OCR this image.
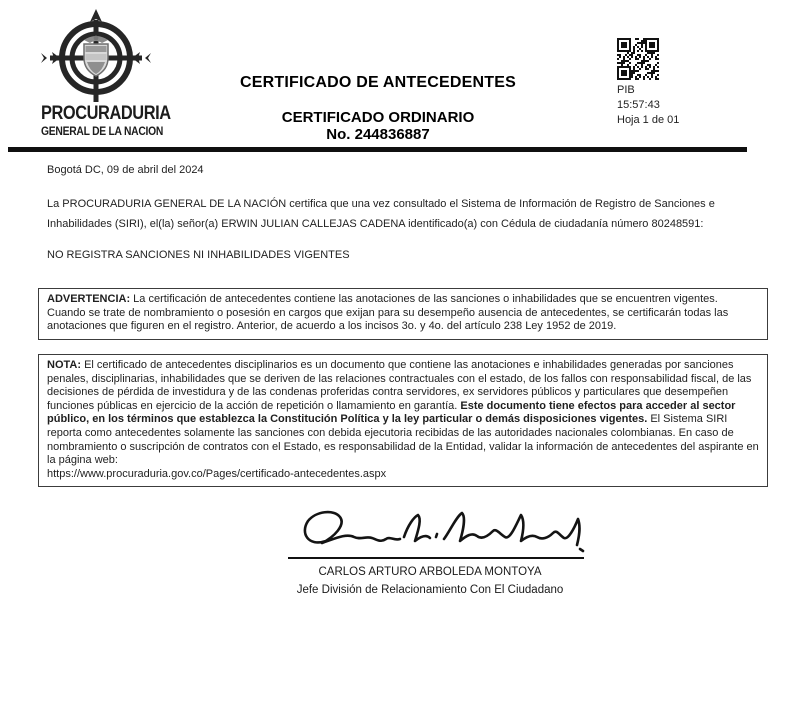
PROCURADURIA
GENERAL DE LA NACION
CERTIFICADO DE ANTECEDENTES
CERTIFICADO ORDINARIO
No. 244836887
PIB
15:57:43
Hoja 1 de 01
Bogotá DC, 09 de abril del 2024
La PROCURADURIA GENERAL DE LA NACIÓN certifica que una vez consultado el Sistema de Información de Registro de Sanciones e Inhabilidades (SIRI), el(la) señor(a) ERWIN JULIAN CALLEJAS CADENA identificado(a) con Cédula de ciudadanía número 80248591:
NO REGISTRA SANCIONES NI INHABILIDADES VIGENTES
ADVERTENCIA: La certificación de antecedentes contiene las anotaciones de las sanciones o inhabilidades que se encuentren vigentes. Cuando se trate de nombramiento o posesión en cargos que exijan para su desempeño ausencia de antecedentes, se certificarán todas las anotaciones que figuren en el registro. Anterior, de acuerdo a los incisos 3o. y 4o. del artículo 238 Ley 1952 de 2019.
NOTA: El certificado de antecedentes disciplinarios es un documento que contiene las anotaciones e inhabilidades generadas por sanciones penales, disciplinarias, inhabilidades que se deriven de las relaciones contractuales con el estado, de los fallos con responsabilidad fiscal, de las decisiones de pérdida de investidura y de las condenas proferidas contra servidores, ex servidores públicos y particulares que desempeñen funciones públicas en ejercicio de la acción de repetición o llamamiento en garantía. Este documento tiene efectos para acceder al sector público, en los términos que establezca la Constitución Política y la ley particular o demás disposiciones vigentes. El Sistema SIRI reporta como antecedentes solamente las sanciones con debida ejecutoria recibidas de las autoridades nacionales colombianas. En caso de nombramiento o suscripción de contratos con el Estado, es responsabilidad de la Entidad, validar la información de antecedentes del aspirante en la página web:
https://www.procuraduria.gov.co/Pages/certificado-antecedentes.aspx
CARLOS ARTURO ARBOLEDA MONTOYA
Jefe División de Relacionamiento Con El Ciudadano
